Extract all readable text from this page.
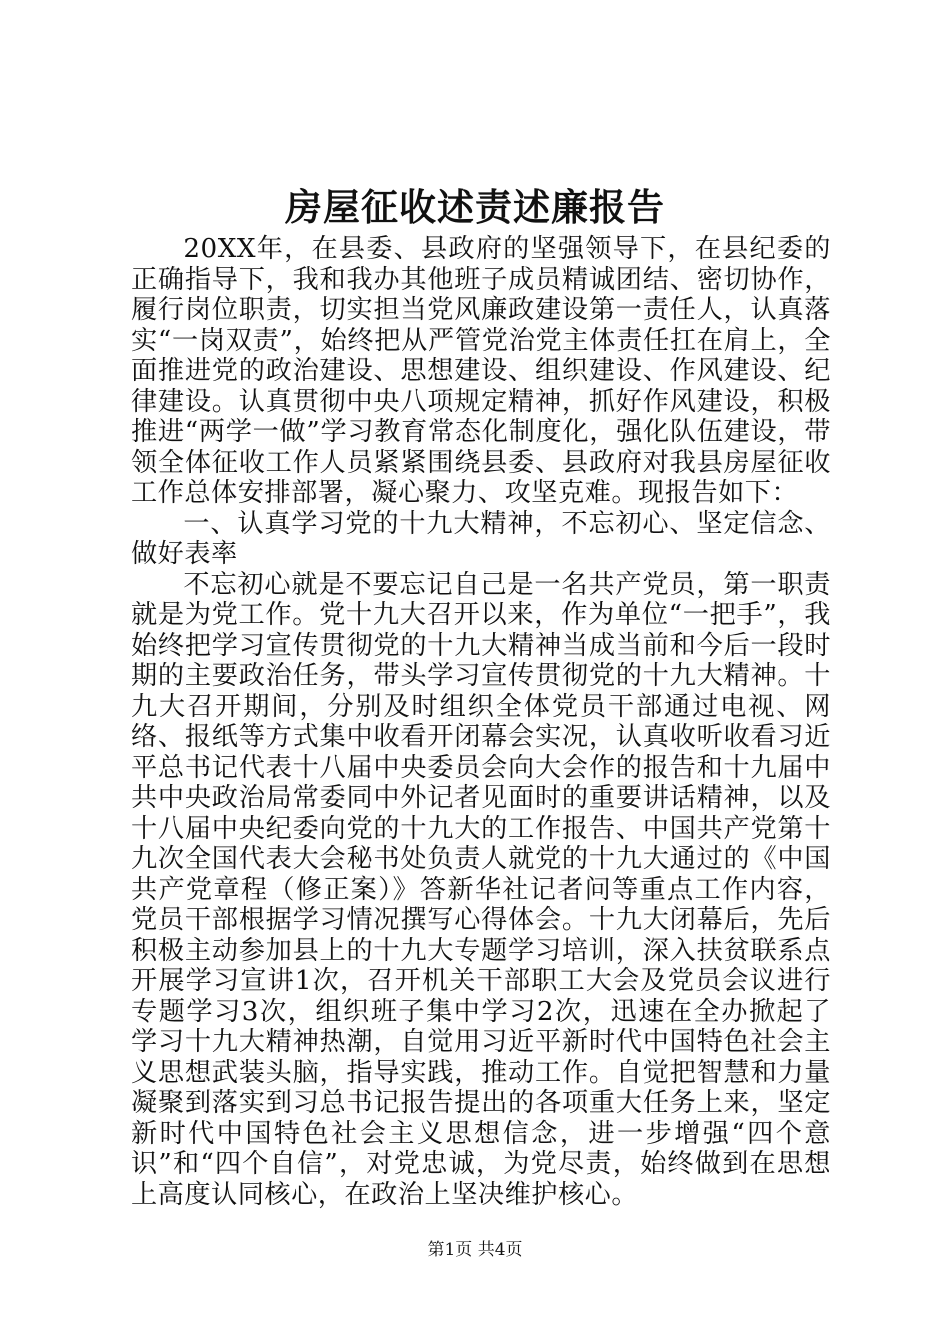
房屋征收述责述廉报告

20XX年，在县委、县政府的坚强领导下，在县纪委的正确指导下，我和我办其他班子成员精诚团结、密切协作，履行岗位职责，切实担当党风廉政建设第一责任人，认真落实“一岗双责”，始终把从严管党治党主体责任扛在肩上，全面推进党的政治建设、思想建设、组织建设、作风建设、纪律建设。认真贯彻中央八项规定精神，抓好作风建设，积极推进“两学一做”学习教育常态化制度化，强化队伍建设，带领全体征收工作人员紧紧围绕县委、县政府对我县房屋征收工作总体安排部署，凝心聚力、攻坚克难。现报告如下：

一、认真学习党的十九大精神，不忘初心、坚定信念、做好表率

不忘初心就是不要忘记自己是一名共产党员，第一职责就是为党工作。党十九大召开以来，作为单位“一把手”，我始终把学习宣传贯彻党的十九大精神当成当前和今后一段时期的主要政治任务，带头学习宣传贯彻党的十九大精神。十九大召开期间，分别及时组织全体党员干部通过电视、网络、报纸等方式集中收看开闭幕会实况，认真收听收看习近平总书记代表十八届中央委员会向大会作的报告和十九届中共中央政治局常委同中外记者见面时的重要讲话精神，以及十八届中央纪委向党的十九大的工作报告、中国共产党第十九次全国代表大会秘书处负责人就党的十九大通过的《中国共产党章程（修正案）》答新华社记者问等重点工作内容，党员干部根据学习情况撰写心得体会。十九大闭幕后，先后积极主动参加县上的十九大专题学习培训，深入扶贫联系点开展学习宣讲1次，召开机关干部职工大会及党员会议进行专题学习3次，组织班子集中学习2次，迅速在全办掀起了学习十九大精神热潮，自觉用习近平新时代中国特色社会主义思想武装头脑，指导实践，推动工作。自觉把智慧和力量凝聚到落实到习总书记报告提出的各项重大任务上来，坚定新时代中国特色社会主义思想信念，进一步增强“四个意识”和“四个自信”，对党忠诚，为党尽责，始终做到在思想上高度认同核心，在政治上坚决维护核心。

第1页 共4页
